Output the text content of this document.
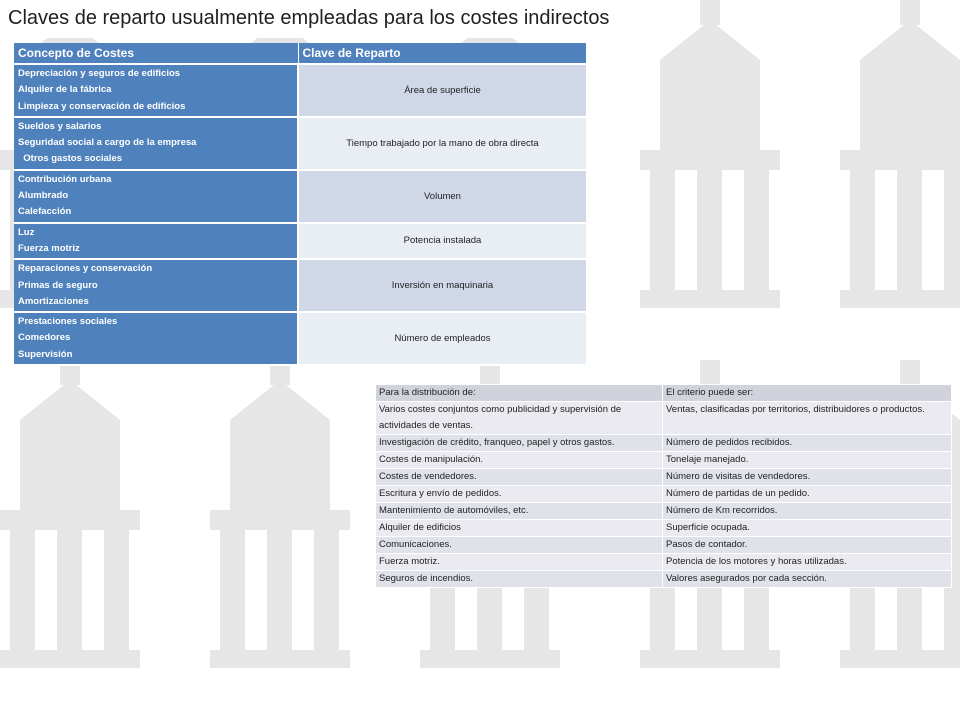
Claves de reparto usualmente empleadas para los costes indirectos
Concepto de Costes	Clave de Reparto

Depreciación y seguros de edificios
Alquiler de la fábrica
Limpieza y conservación de edificios	Área de superficie

Sueldos y salarios
Seguridad social a cargo de la empresa
Otros gastos sociales	Tiempo trabajado por la mano de obra directa

Contribución urbana
Alumbrado
Calefacción	Volumen

Luz
Fuerza motriz	Potencia instalada

Reparaciones y conservación
Primas de seguro
Amortizaciones	Inversión en maquinaria

Prestaciones sociales
Comedores
Supervisión	Número de empleados
Para la distribución de:	El criterio puede ser:
Varios costes conjuntos como publicidad y supervisión de actividades de ventas.	Ventas, clasificadas por territorios, distribuidores o productos.
Investigación de crédito, franqueo, papel y otros gastos.	Número de pedidos recibidos.
Costes de manipulación.	Tonelaje manejado.
Costes de vendedores.	Número de visitas de vendedores.
Escritura y envío de pedidos.	Número de partidas de un pedido.
Mantenimiento de automóviles, etc.	Número de Km recorridos.
Alquiler de edificios	Superficie ocupada.
Comunicaciones.	Pasos de contador.
Fuerza motriz.	Potencia de los motores y horas utilizadas.
Seguros de incendios.	Valores asegurados por cada sección.
